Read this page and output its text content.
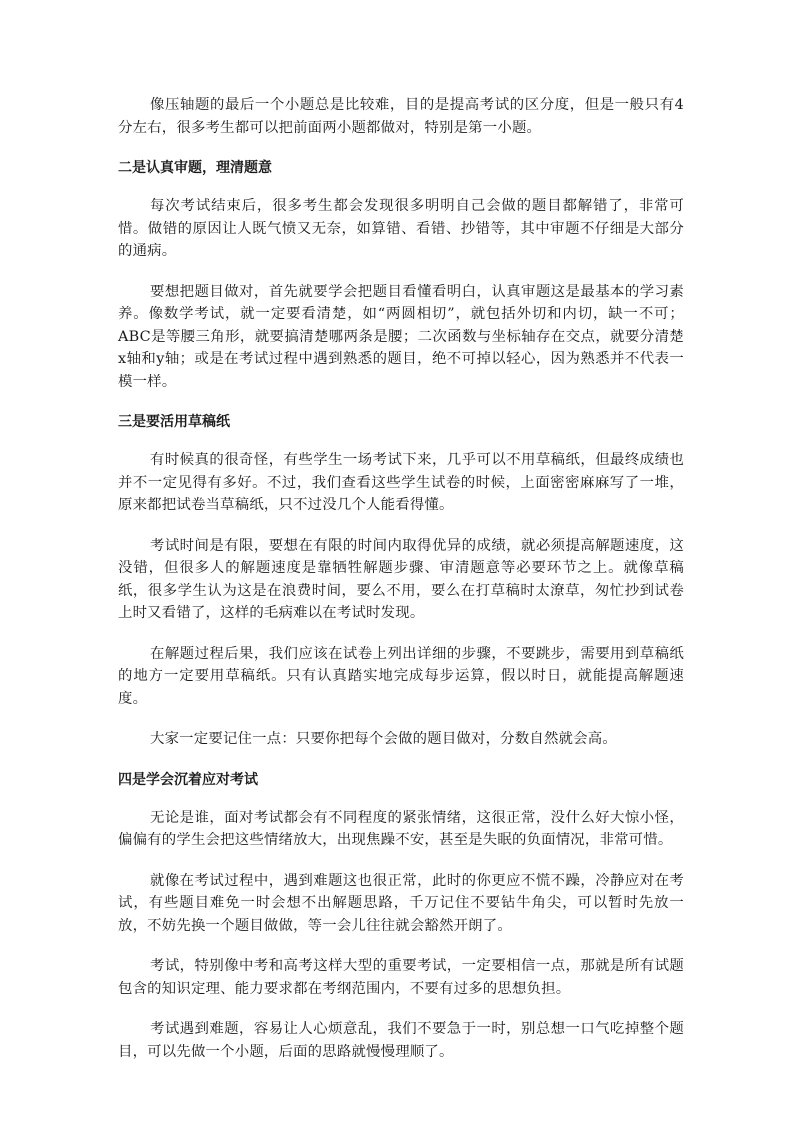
像压轴题的最后一个小题总是比较难，目的是提高考试的区分度，但是一般只有4分左右，很多考生都可以把前面两小题都做对，特别是第一小题。

二是认真审题，理清题意

每次考试结束后，很多考生都会发现很多明明自己会做的题目都解错了，非常可惜。做错的原因让人既气愤又无奈，如算错、看错、抄错等，其中审题不仔细是大部分的通病。

要想把题目做对，首先就要学会把题目看懂看明白，认真审题这是最基本的学习素养。像数学考试，就一定要看清楚，如“两圆相切”，就包括外切和内切，缺一不可；ABC是等腰三角形，就要搞清楚哪两条是腰；二次函数与坐标轴存在交点，就要分清楚x轴和y轴；或是在考试过程中遇到熟悉的题目，绝不可掉以轻心，因为熟悉并不代表一模一样。

三是要活用草稿纸

有时候真的很奇怪，有些学生一场考试下来，几乎可以不用草稿纸，但最终成绩也并不一定见得有多好。不过，我们查看这些学生试卷的时候，上面密密麻麻写了一堆，原来都把试卷当草稿纸，只不过没几个人能看得懂。

考试时间是有限，要想在有限的时间内取得优异的成绩，就必须提高解题速度，这没错，但很多人的解题速度是靠牺牲解题步骤、审清题意等必要环节之上。就像草稿纸，很多学生认为这是在浪费时间，要么不用，要么在打草稿时太潦草，匆忙抄到试卷上时又看错了，这样的毛病难以在考试时发现。

在解题过程后果，我们应该在试卷上列出详细的步骤，不要跳步，需要用到草稿纸的地方一定要用草稿纸。只有认真踏实地完成每步运算，假以时日，就能提高解题速度。

大家一定要记住一点：只要你把每个会做的题目做对，分数自然就会高。

四是学会沉着应对考试

无论是谁，面对考试都会有不同程度的紧张情绪，这很正常，没什么好大惊小怪，偏偏有的学生会把这些情绪放大，出现焦躁不安，甚至是失眠的负面情况，非常可惜。

就像在考试过程中，遇到难题这也很正常，此时的你更应不慌不躁，冷静应对在考试，有些题目难免一时会想不出解题思路，千万记住不要钻牛角尖，可以暂时先放一放，不妨先换一个题目做做，等一会儿往往就会豁然开朗了。

考试，特别像中考和高考这样大型的重要考试，一定要相信一点，那就是所有试题包含的知识定理、能力要求都在考纲范围内，不要有过多的思想负担。

考试遇到难题，容易让人心烦意乱，我们不要急于一时，别总想一口气吃掉整个题目，可以先做一个小题，后面的思路就慢慢理顺了。
